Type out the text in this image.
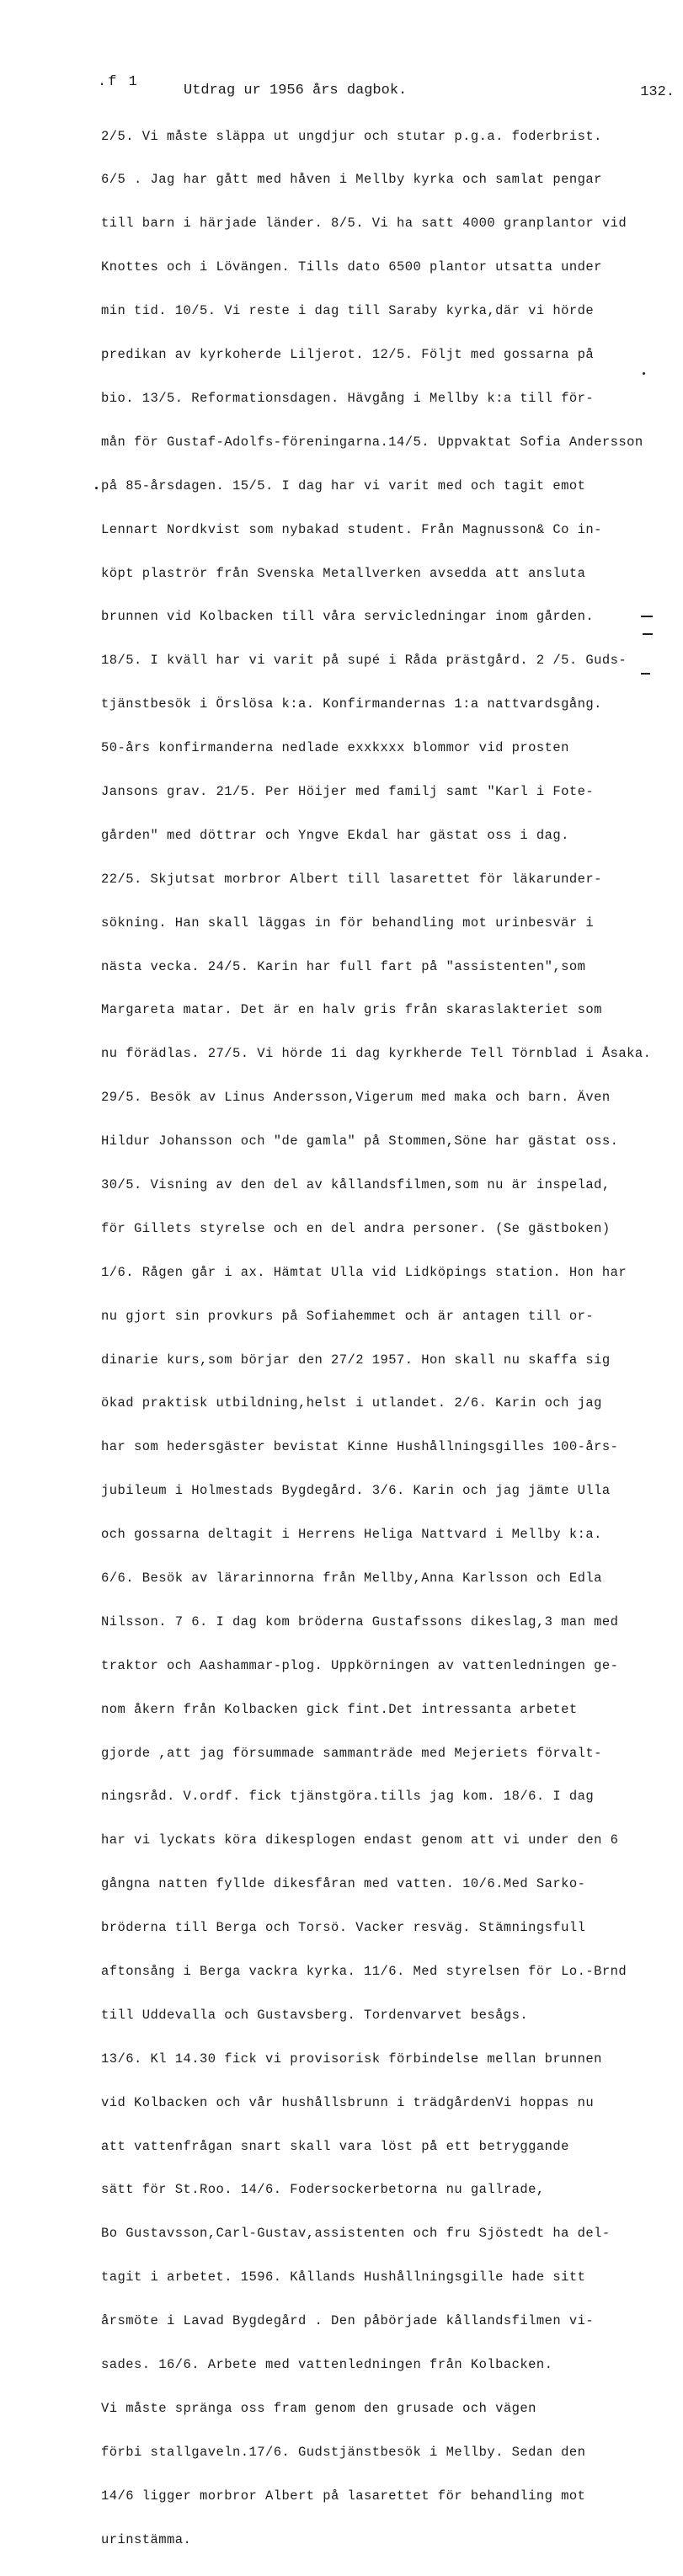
.f 1
Utdrag ur 1956 års dagbok.	132.

2/5. Vi måste släppa ut ungdjur och stutar p.g.a. foderbrist.

6/5 . Jag har gått med håven i Mellby kyrka och samlat pengar

till barn i härjade länder. 8/5. Vi ha satt 4000 granplantor vid

Knottes och i Lövängen. Tills dato 6500 plantor utsatta under

min tid. 10/5. Vi reste i dag till Saraby kyrka,där vi hörde

predikan av kyrkoherde Liljerot. 12/5. Följt med gossarna på

bio. 13/5. Reformationsdagen. Hävgång i Mellby k:a till för-

mån för Gustaf-Adolfs-föreningarna.14/5. Uppvaktat Sofia Andersson

på 85-årsdagen. 15/5. I dag har vi varit med och tagit emot

Lennart Nordkvist som nybakad student. Från Magnusson& Co in-

köpt plaströr från Svenska Metallverken avsedda att ansluta

brunnen vid Kolbacken till våra servicledningar inom gården.

18/5. I kväll har vi varit på supé i Råda prästgård. 2 /5. Guds-

tjänstbesök i Örslösa k:a. Konfirmandernas 1:a nattvardsgång.

50-års konfirmanderna nedlade exxkxxx blommor vid prosten

Jansons grav. 21/5. Per Höijer med familj samt "Karl i Fote-

gården" med döttrar och Yngve Ekdal har gästat oss i dag.

22/5. Skjutsat morbror Albert till lasarettet för läkarunder-

sökning. Han skall läggas in för behandling mot urinbesvär i

nästa vecka. 24/5. Karin har full fart på "assistenten",som

Margareta matar. Det är en halv gris från skaraslakteriet som

nu förädlas. 27/5. Vi hörde 1i dag kyrkherde Tell Törnblad i Åsaka.

29/5. Besök av Linus Andersson,Vigerum med maka och barn. Även

Hildur Johansson och "de gamla" på Stommen,Söne har gästat oss.

30/5. Visning av den del av kållandsfilmen,som nu är inspelad,

för Gillets styrelse och en del andra personer. (Se gästboken)

1/6. Rågen går i ax. Hämtat Ulla vid Lidköpings station. Hon har

nu gjort sin provkurs på Sofiahemmet och är antagen till or-

dinarie kurs,som börjar den 27/2 1957. Hon skall nu skaffa sig

ökad praktisk utbildning,helst i utlandet. 2/6. Karin och jag

har som hedersgäster bevistat Kinne Hushållningsgilles 100-års-

jubileum i Holmestads Bygdegård. 3/6. Karin och jag jämte Ulla

och gossarna deltagit i Herrens Heliga Nattvard i Mellby k:a.

6/6. Besök av lärarinnorna från Mellby,Anna Karlsson och Edla

Nilsson. 7 6. I dag kom bröderna Gustafssons dikeslag,3 man med

traktor och Aashammar-plog. Uppkörningen av vattenledningen ge-

nom åkern från Kolbacken gick fint.Det intressanta arbetet

gjorde ,att jag försummade sammanträde med Mejeriets förvalt-

ningsråd. V.ordf. fick tjänstgöra.tills jag kom. 18/6. I dag

har vi lyckats köra dikesplogen endast genom att vi under den 6

gångna natten fyllde dikesfåran med vatten. 10/6.Med Sarko-

bröderna till Berga och Torsö. Vacker resväg. Stämningsfull

aftonsång i Berga vackra kyrka. 11/6. Med styrelsen för Lo.-Brnd

till Uddevalla och Gustavsberg. Tordenvarvet besågs.

13/6. Kl 14.30 fick vi provisorisk förbindelse mellan brunnen

vid Kolbacken och vår hushållsbrunn i trädgårdenVi hoppas nu

att vattenfrågan snart skall vara löst på ett betryggande

sätt för St.Roo. 14/6. Fodersockerbetorna nu gallrade,

Bo Gustavsson,Carl-Gustav,assistenten och fru Sjöstedt ha del-

tagit i arbetet. 1596. Kållands Hushållningsgille hade sitt

årsmöte i Lavad Bygdegård . Den påbörjade kållandsfilmen vi-

sades. 16/6. Arbete med vattenledningen från Kolbacken.

Vi måste spränga oss fram genom den grusade och vägen

förbi stallgaveln.17/6. Gudstjänstbesök i Mellby. Sedan den

14/6 ligger morbror Albert på lasarettet för behandling mot

urinstämma.
